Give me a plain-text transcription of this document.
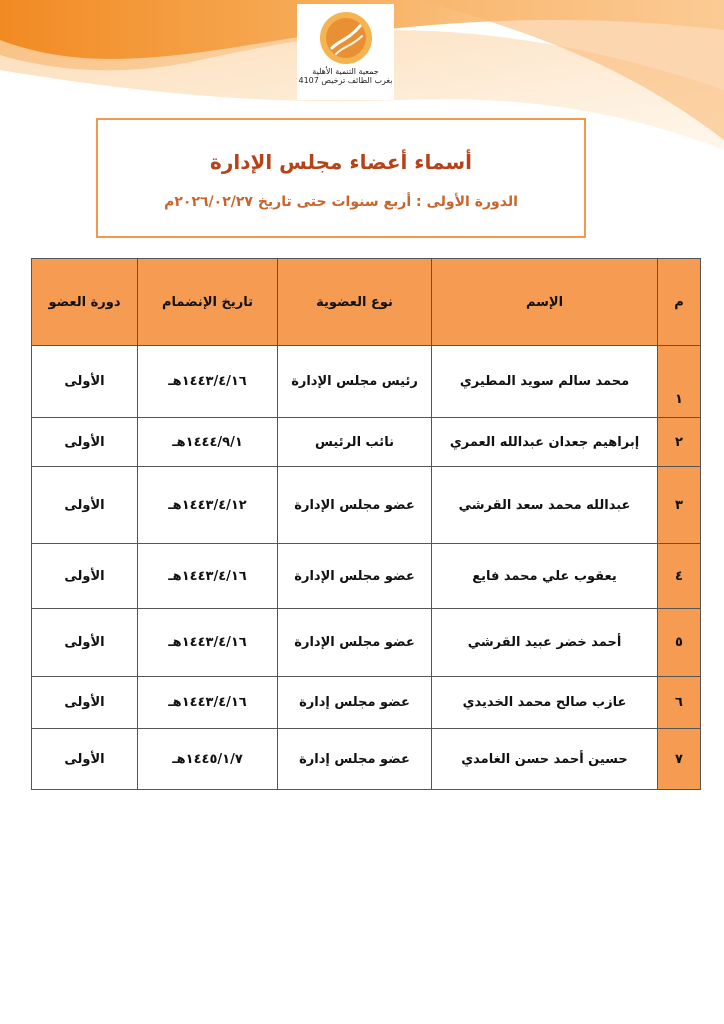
جمعية التنمية الأهلية
بغرب الطائف ترخيص 4107
أسماء أعضاء مجلس الإدارة
الدورة الأولى : أربع سنوات حتى تاريخ ٢٠٢٦/٠٢/٢٧م
م	الإسم	نوع العضوية	تاريخ الإنضمام	دورة العضو
١	محمد سالم سويد المطيري	رئيس مجلس الإدارة	١٤٤٣/٤/١٦هـ	الأولى
٢	إبراهيم جعدان عبدالله العمري	نائب الرئيس	١٤٤٤/٩/١هـ	الأولى
٣	عبدالله محمد سعد القرشي	عضو مجلس الإدارة	١٤٤٣/٤/١٢هـ	الأولى
٤	يعقوب علي محمد فايع	عضو مجلس الإدارة	١٤٤٣/٤/١٦هـ	الأولى
٥	أحمد خضر عبيد القرشي	عضو مجلس الإدارة	١٤٤٣/٤/١٦هـ	الأولى
٦	عازب صالح محمد الخديدي	عضو مجلس إدارة	١٤٤٣/٤/١٦هـ	الأولى
٧	حسين أحمد حسن الغامدي	عضو مجلس إدارة	١٤٤٥/١/٧هـ	الأولى
